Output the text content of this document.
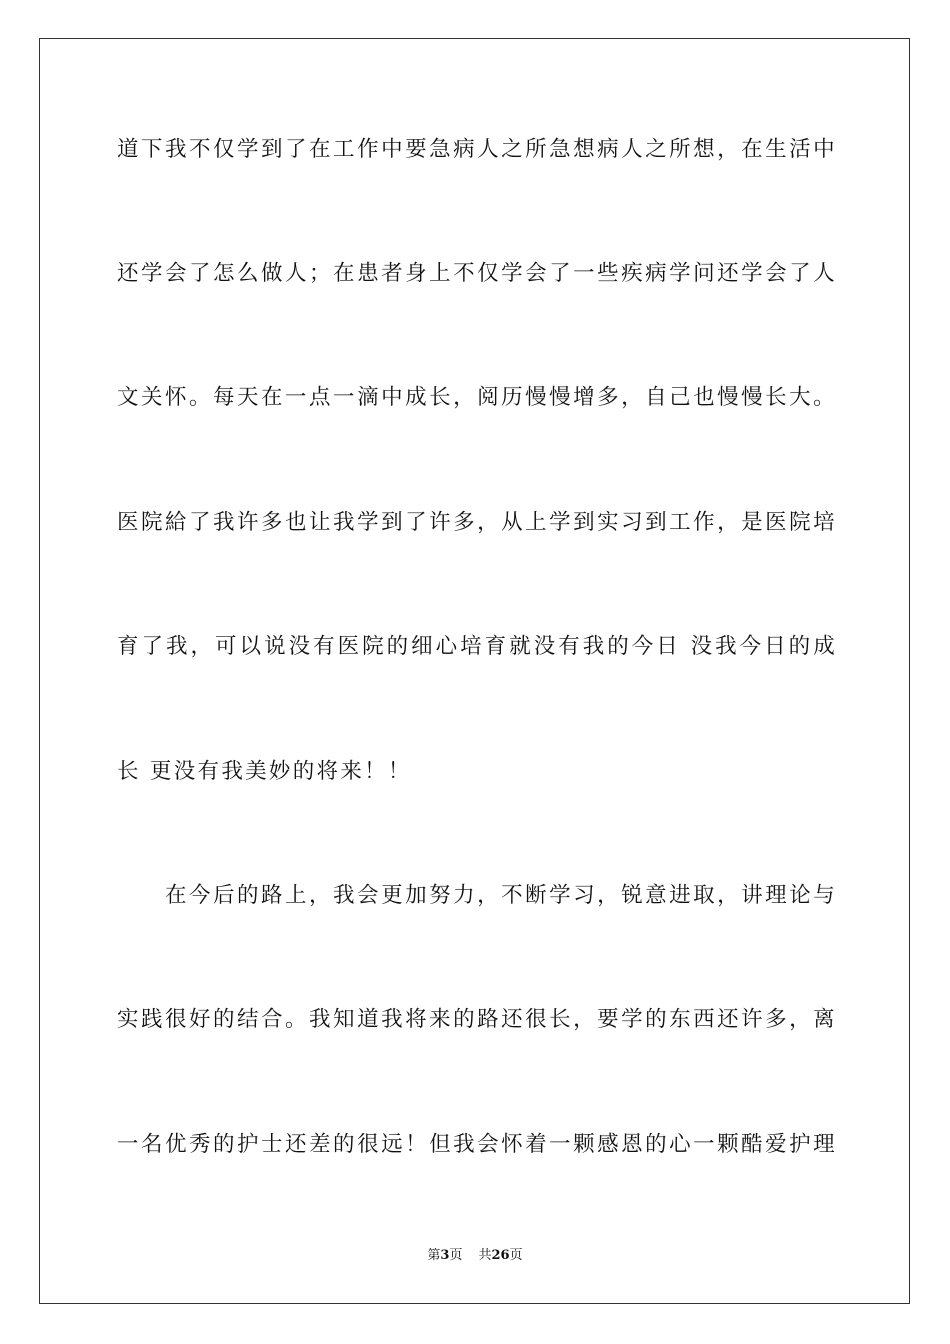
道下我不仅学到了在工作中要急病人之所急想病人之所想，在生活中
还学会了怎么做人；在患者身上不仅学会了一些疾病学问还学会了人
文关怀。每天在一点一滴中成长，阅历慢慢增多，自己也慢慢长大。
医院給了我许多也让我学到了许多，从上学到实习到工作，是医院培
育了我，可以说没有医院的细心培育就没有我的今日 没我今日的成
长 更没有我美妙的将来！！
在今后的路上，我会更加努力，不断学习，锐意进取，讲理论与
实践很好的结合。我知道我将来的路还很长，要学的东西还许多，离
一名优秀的护士还差的很远！但我会怀着一颗感恩的心一颗酷爱护理
第3页 共26页
